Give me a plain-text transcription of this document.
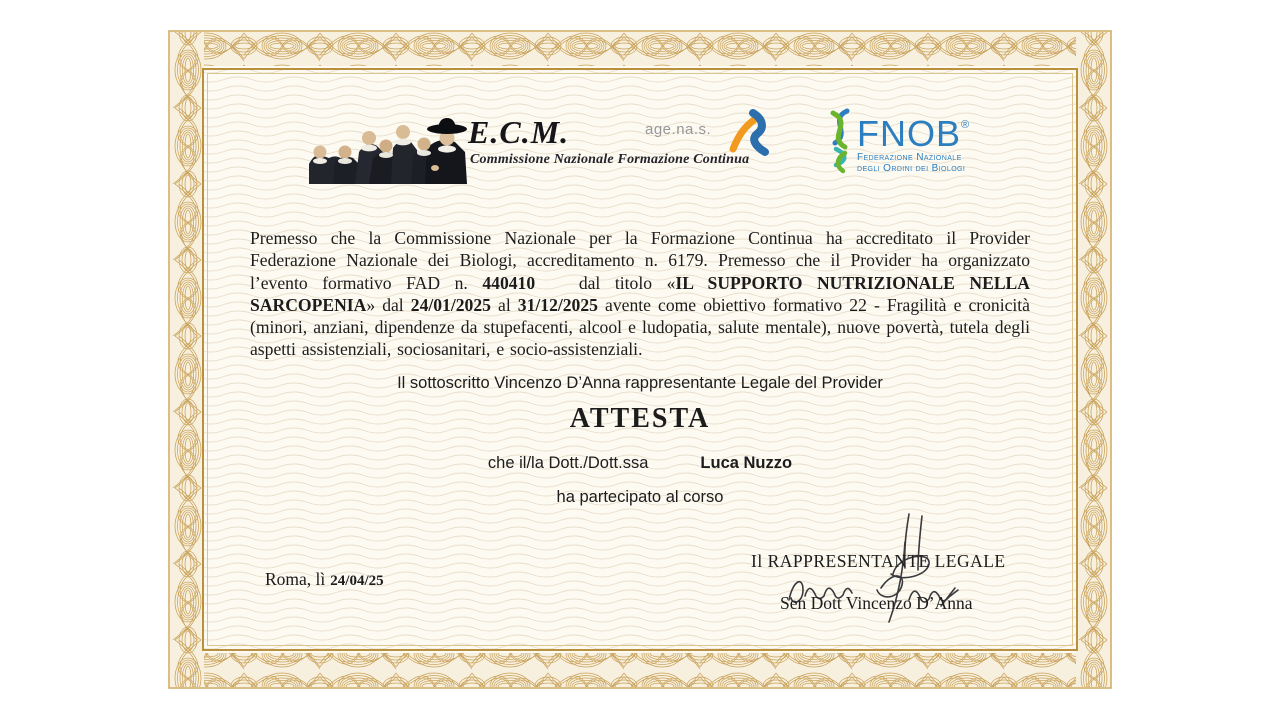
E.C.M.
Commissione Nazionale Formazione Continua
age.na.s.	FNOB®
Federazione Nazionale
degli Ordini dei Biologi

Premesso che la Commissione Nazionale per la Formazione Continua ha accreditato il Provider Federazione Nazionale dei Biologi, accreditamento n. 6179. Premesso che il Provider ha organizzato l’evento formativo FAD n. 440410   dal titolo «IL SUPPORTO NUTRIZIONALE NELLA SARCOPENIA» dal 24/01/2025 al 31/12/2025 avente come obiettivo formativo 22 - Fragilità e cronicità (minori, anziani, dipendenze da stupefacenti, alcool e ludopatia, salute mentale), nuove povertà, tutela degli aspetti assistenziali, sociosanitari, e socio-assistenziali.

Il sottoscritto Vincenzo D’Anna rappresentante Legale del Provider

ATTESTA
che il/la Dott./Dott.ssa	Luca Nuzzo

ha partecipato al corso

Roma, lì 24/04/25
Il RAPPRESENTANTE LEGALE
Sen Dott Vincenzo D’Anna
